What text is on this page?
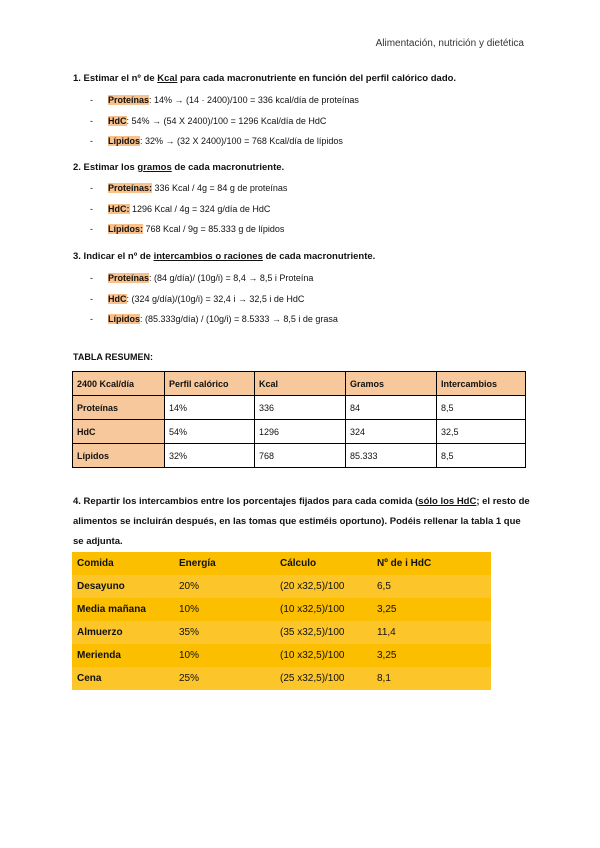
Alimentación, nutrición y dietética
1. Estimar el nº de Kcal para cada macronutriente en función del perfil calórico dado.
- Proteínas: 14% → (14 · 2400)/100 = 336 kcal/día de proteínas
- HdC: 54% → (54 X 2400)/100 = 1296 Kcal/día de HdC
- Lípidos: 32% → (32 X 2400)/100 = 768 Kcal/día de lípidos
2. Estimar los gramos de cada macronutriente.
- Proteínas: 336 Kcal / 4g = 84 g de proteínas
- HdC: 1296 Kcal / 4g = 324 g/día de HdC
- Lípidos: 768 Kcal / 9g = 85.333 g de lípidos
3. Indicar el nº de intercambios o raciones de cada macronutriente.
- Proteínas: (84 g/día)/ (10g/i) = 8,4 → 8,5 i Proteína
- HdC: (324 g/día)/(10g/i) = 32,4 i → 32,5 i de HdC
- Lípidos: (85.333g/día) / (10g/i) = 8.5333 → 8,5 i de grasa
TABLA RESUMEN:
2400 Kcal/día	Perfil calórico	Kcal	Gramos	Intercambios
Proteínas	14%	336	84	8,5
HdC	54%	1296	324	32,5
Lípidos	32%	768	85.333	8,5
4. Repartir los intercambios entre los porcentajes fijados para cada comida (sólo los HdC; el resto de alimentos se incluirán después, en las tomas que estiméis oportuno). Podéis rellenar la tabla 1 que se adjunta.
Comida	Energía	Cálculo	Nº de i HdC
Desayuno	20%	(20 x32,5)/100	6,5
Media mañana	10%	(10 x32,5)/100	3,25
Almuerzo	35%	(35 x32,5)/100	11,4
Merienda	10%	(10 x32,5)/100	3,25
Cena	25%	(25 x32,5)/100	8,1
